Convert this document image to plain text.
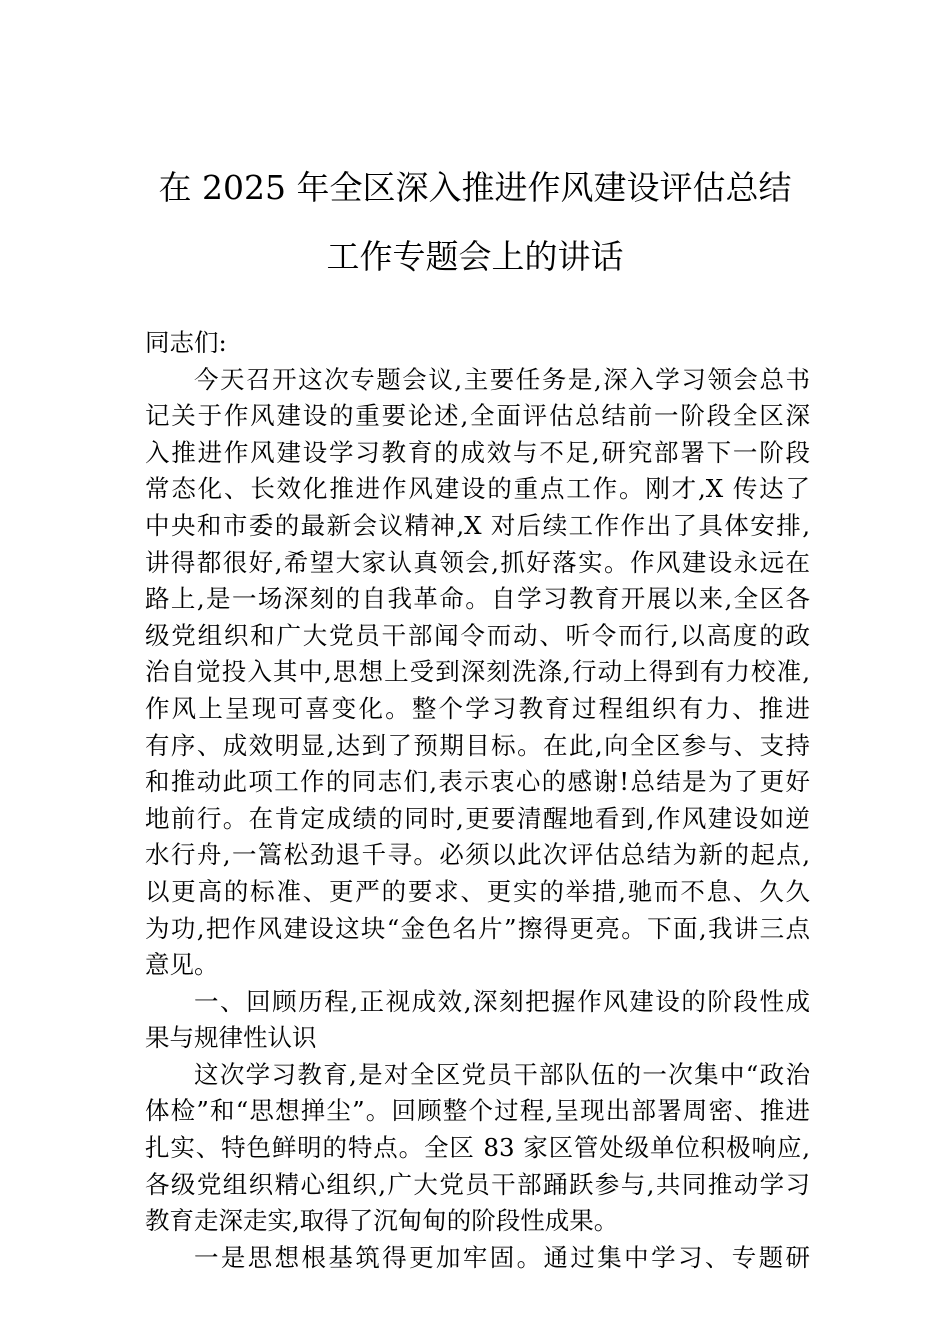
在 2025 年全区深入推进作风建设评估总结
工作专题会上的讲话
同志们:
今天召开这次专题会议,主要任务是,深入学习领会总书
记关于作风建设的重要论述,全面评估总结前一阶段全区深
入推进作风建设学习教育的成效与不足,研究部署下一阶段
常态化、长效化推进作风建设的重点工作。刚才,X 传达了
中央和市委的最新会议精神,X 对后续工作作出了具体安排,
讲得都很好,希望大家认真领会,抓好落实。作风建设永远在
路上,是一场深刻的自我革命。自学习教育开展以来,全区各
级党组织和广大党员干部闻令而动、听令而行,以高度的政
治自觉投入其中,思想上受到深刻洗涤,行动上得到有力校准,
作风上呈现可喜变化。整个学习教育过程组织有力、推进
有序、成效明显,达到了预期目标。在此,向全区参与、支持
和推动此项工作的同志们,表示衷心的感谢!总结是为了更好
地前行。在肯定成绩的同时,更要清醒地看到,作风建设如逆
水行舟,一篙松劲退千寻。必须以此次评估总结为新的起点,
以更高的标准、更严的要求、更实的举措,驰而不息、久久
为功,把作风建设这块“金色名片”擦得更亮。下面,我讲三点
意见。
一、回顾历程,正视成效,深刻把握作风建设的阶段性成
果与规律性认识
这次学习教育,是对全区党员干部队伍的一次集中“政治
体检”和“思想掸尘”。回顾整个过程,呈现出部署周密、推进
扎实、特色鲜明的特点。全区 83 家区管处级单位积极响应,
各级党组织精心组织,广大党员干部踊跃参与,共同推动学习
教育走深走实,取得了沉甸甸的阶段性成果。
一是思想根基筑得更加牢固。通过集中学习、专题研
